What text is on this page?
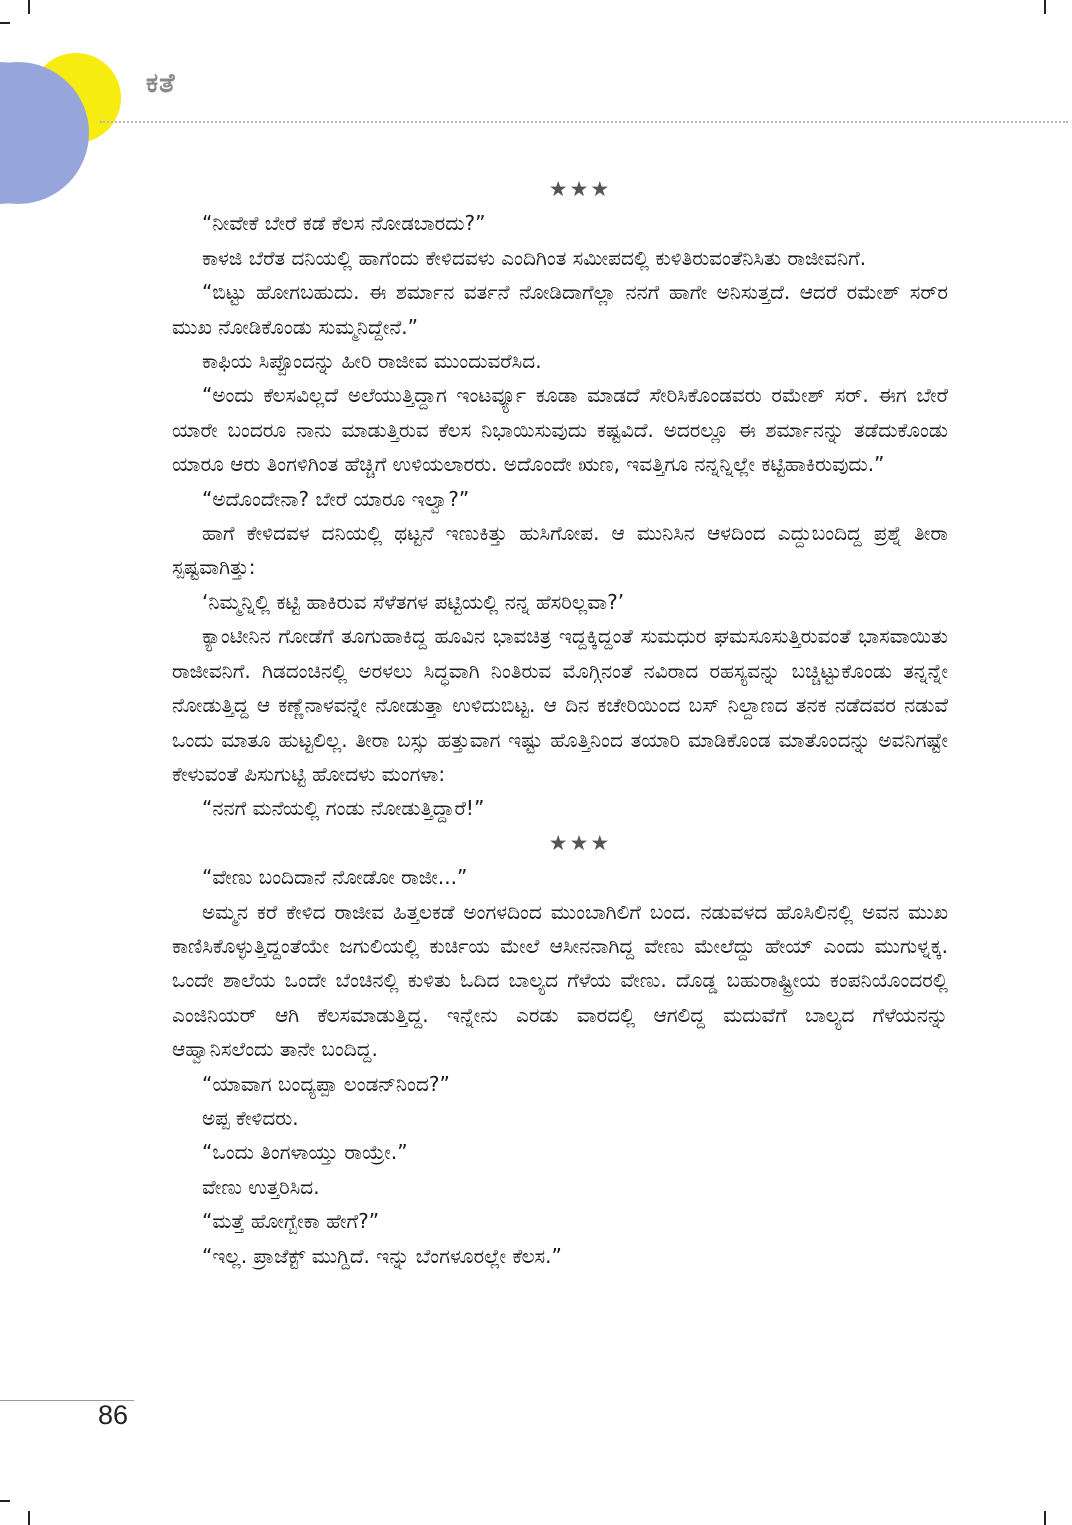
ಕತೆ
★★★
“ನೀವೇಕೆ ಬೇರೆ ಕಡೆ ಕೆಲಸ ನೋಡಬಾರದು?”
ಕಾಳಜಿ ಬೆರೆತ ದನಿಯಲ್ಲಿ ಹಾಗೆಂದು ಕೇಳಿದವಳು ಎಂದಿಗಿಂತ ಸಮೀಪದಲ್ಲಿ ಕುಳಿತಿರುವಂತೆನಿಸಿತು ರಾಜೀವನಿಗೆ.
“ಬಿಟ್ಟು ಹೋಗಬಹುದು. ಈ ಶರ್ಮಾನ ವರ್ತನೆ ನೋಡಿದಾಗೆಲ್ಲಾ ನನಗೆ ಹಾಗೇ ಅನಿಸುತ್ತದೆ. ಆದರೆ ರಮೇಶ್ ಸರ್‌ರ ಮುಖ ನೋಡಿಕೊಂಡು ಸುಮ್ಮನಿದ್ದೇನೆ.”
ಕಾಫಿಯ ಸಿಪ್ಪೊಂದನ್ನು ಹೀರಿ ರಾಜೀವ ಮುಂದುವರೆಸಿದ.
“ಅಂದು ಕೆಲಸವಿಲ್ಲದೆ ಅಲೆಯುತ್ತಿದ್ದಾಗ ಇಂಟರ್ವ್ಯೂ ಕೂಡಾ ಮಾಡದೆ ಸೇರಿಸಿಕೊಂಡವರು ರಮೇಶ್ ಸರ್. ಈಗ ಬೇರೆ ಯಾರೇ ಬಂದರೂ ನಾನು ಮಾಡುತ್ತಿರುವ ಕೆಲಸ ನಿಭಾಯಿಸುವುದು ಕಷ್ಟವಿದೆ. ಅದರಲ್ಲೂ ಈ ಶರ್ಮಾನನ್ನು ತಡೆದುಕೊಂಡು ಯಾರೂ ಆರು ತಿಂಗಳಿಗಿಂತ ಹೆಚ್ಚಿಗೆ ಉಳಿಯಲಾರರು. ಅದೊಂದೇ ಋಣ, ಇವತ್ತಿಗೂ ನನ್ನನ್ನಿಲ್ಲೇ ಕಟ್ಟಿಹಾಕಿರುವುದು.”
“ಅದೊಂದೇನಾ? ಬೇರೆ ಯಾರೂ ಇಲ್ವಾ?”
ಹಾಗೆ ಕೇಳಿದವಳ ದನಿಯಲ್ಲಿ ಥಟ್ಟನೆ ಇಣುಕಿತ್ತು ಹುಸಿಗೋಪ. ಆ ಮುನಿಸಿನ ಆಳದಿಂದ ಎದ್ದುಬಂದಿದ್ದ ಪ್ರಶ್ನೆ ತೀರಾ ಸ್ಪಷ್ಟವಾಗಿತ್ತು:
‘ನಿಮ್ಮನ್ನಿಲ್ಲಿ ಕಟ್ಟಿ ಹಾಕಿರುವ ಸೆಳೆತಗಳ ಪಟ್ಟಿಯಲ್ಲಿ ನನ್ನ ಹೆಸರಿಲ್ಲವಾ?’
ಕ್ಯಾಂಟೀನಿನ ಗೋಡೆಗೆ ತೂಗುಹಾಕಿದ್ದ ಹೂವಿನ ಭಾವಚಿತ್ರ ಇದ್ದಕ್ಕಿದ್ದಂತೆ ಸುಮಧುರ ಘಮಸೂಸುತ್ತಿರುವಂತೆ ಭಾಸವಾಯಿತು ರಾಜೀವನಿಗೆ. ಗಿಡದಂಚಿನಲ್ಲಿ ಅರಳಲು ಸಿದ್ಧವಾಗಿ ನಿಂತಿರುವ ಮೊಗ್ಗಿನಂತೆ ನವಿರಾದ ರಹಸ್ಯವನ್ನು ಬಚ್ಚಿಟ್ಟುಕೊಂಡು ತನ್ನನ್ನೇ ನೋಡುತ್ತಿದ್ದ ಆ ಕಣ್ಣೆನಾಳವನ್ನೇ ನೋಡುತ್ತಾ ಉಳಿದುಬಿಟ್ಟ. ಆ ದಿನ ಕಚೇರಿಯಿಂದ ಬಸ್ ನಿಲ್ದಾಣದ ತನಕ ನಡೆದವರ ನಡುವೆ ಒಂದು ಮಾತೂ ಹುಟ್ಟಲಿಲ್ಲ. ತೀರಾ ಬಸ್ಸು ಹತ್ತುವಾಗ ಇಷ್ಟು ಹೊತ್ತಿನಿಂದ ತಯಾರಿ ಮಾಡಿಕೊಂಡ ಮಾತೊಂದನ್ನು ಅವನಿಗಷ್ಟೇ ಕೇಳುವಂತೆ ಪಿಸುಗುಟ್ಟಿ ಹೋದಳು ಮಂಗಳಾ:
“ನನಗೆ ಮನೆಯಲ್ಲಿ ಗಂಡು ನೋಡುತ್ತಿದ್ದಾರೆ!”
★★★
“ವೇಣು ಬಂದಿದಾನೆ ನೋಡೋ ರಾಜೀ...”
ಅಮ್ಮನ ಕರೆ ಕೇಳಿದ ರಾಜೀವ ಹಿತ್ತಲಕಡೆ ಅಂಗಳದಿಂದ ಮುಂಬಾಗಿಲಿಗೆ ಬಂದ. ನಡುವಳದ ಹೊಸಿಲಿನಲ್ಲಿ ಅವನ ಮುಖ ಕಾಣಿಸಿಕೊಳ್ಳುತ್ತಿದ್ದಂತೆಯೇ ಜಗುಲಿಯಲ್ಲಿ ಕುರ್ಚಿಯ ಮೇಲೆ ಆಸೀನನಾಗಿದ್ದ ವೇಣು ಮೇಲೆದ್ದು ಹೇಯ್ ಎಂದು ಮುಗುಳ್ನಕ್ಕ. ಒಂದೇ ಶಾಲೆಯ ಒಂದೇ ಬೆಂಚಿನಲ್ಲಿ ಕುಳಿತು ಓದಿದ ಬಾಲ್ಯದ ಗೆಳೆಯ ವೇಣು. ದೊಡ್ಡ ಬಹುರಾಷ್ಟ್ರೀಯ ಕಂಪನಿಯೊಂದರಲ್ಲಿ ಎಂಜಿನಿಯರ್ ಆಗಿ ಕೆಲಸಮಾಡುತ್ತಿದ್ದ. ಇನ್ನೇನು ಎರಡು ವಾರದಲ್ಲಿ ಆಗಲಿದ್ದ ಮದುವೆಗೆ ಬಾಲ್ಯದ ಗೆಳೆಯನನ್ನು ಆಹ್ವಾನಿಸಲೆಂದು ತಾನೇ ಬಂದಿದ್ದ.
“ಯಾವಾಗ ಬಂದ್ಯಪ್ಪಾ ಲಂಡನ್‌ನಿಂದ?”
ಅಪ್ಪ ಕೇಳಿದರು.
“ಒಂದು ತಿಂಗಳಾಯ್ತು ರಾಯ್ರೇ.”
ವೇಣು ಉತ್ತರಿಸಿದ.
“ಮತ್ತೆ ಹೋಗ್ಬೇಕಾ ಹೇಗೆ?”
“ಇಲ್ಲ. ಪ್ರಾಜೆಕ್ಟ್ ಮುಗ್ದಿದೆ. ಇನ್ನು ಬೆಂಗಳೂರಲ್ಲೇ ಕೆಲಸ.”
86
